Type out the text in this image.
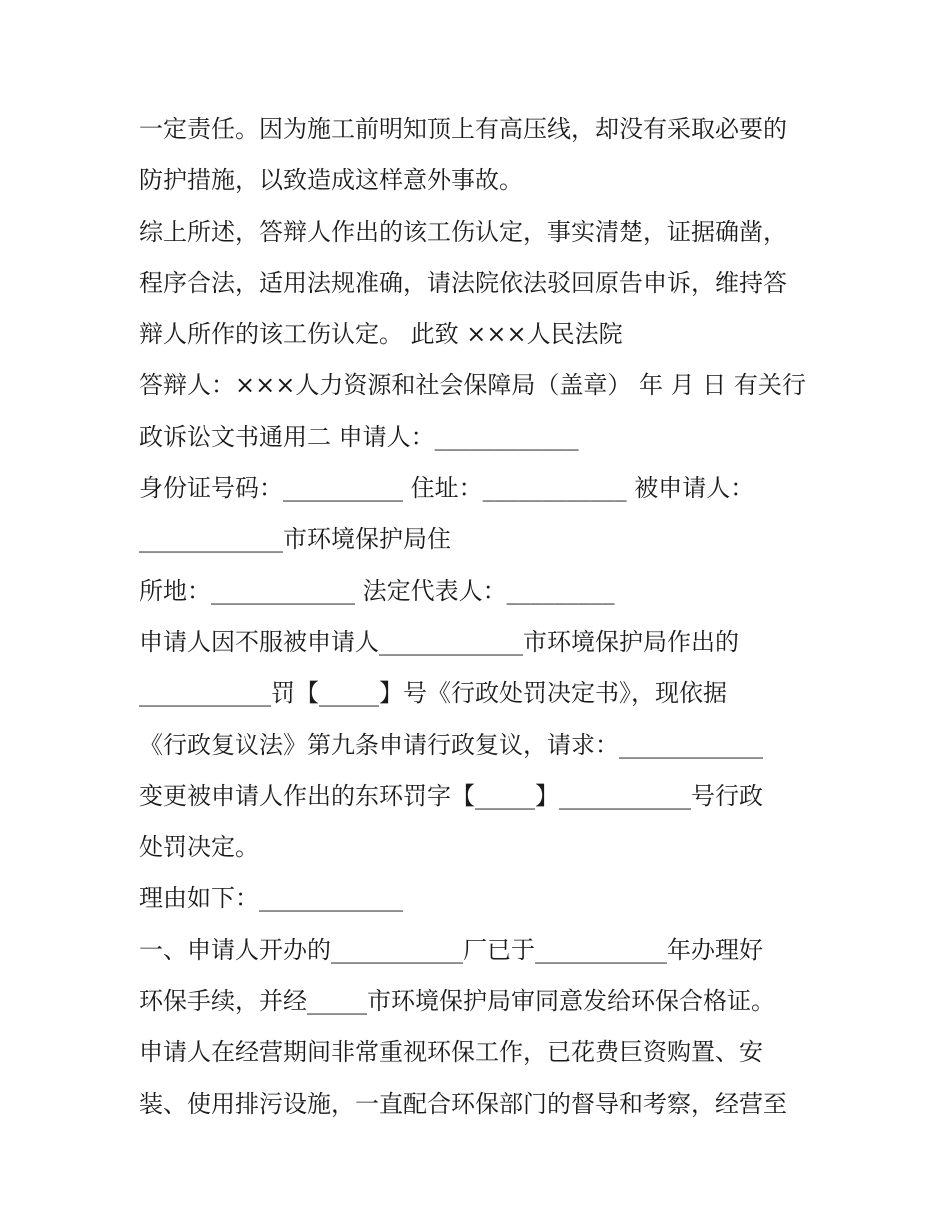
一定责任。因为施工前明知顶上有高压线，却没有采取必要的
防护措施，以致造成这样意外事故。
综上所述，答辩人作出的该工伤认定，事实清楚，证据确凿，
程序合法，适用法规准确，请法院依法驳回原告申诉，维持答
辩人所作的该工伤认定。 此致 ×××人民法院
答辩人：×××人力资源和社会保障局（盖章） 年 月 日 有关行
政诉讼文书通用二 申请人：____________
身份证号码：__________ 住址：____________ 被申请人：
____________市环境保护局住
所地：____________ 法定代表人：_________
申请人因不服被申请人____________市环境保护局作出的
___________罚【_____】号《行政处罚决定书》，现依据
《行政复议法》第九条申请行政复议，请求：____________
变更被申请人作出的东环罚字【_____】___________号行政
处罚决定。
理由如下：____________
一、申请人开办的___________厂已于___________年办理好
环保手续，并经_____市环境保护局审同意发给环保合格证。
申请人在经营期间非常重视环保工作，已花费巨资购置、安
装、使用排污设施，一直配合环保部门的督导和考察，经营至
